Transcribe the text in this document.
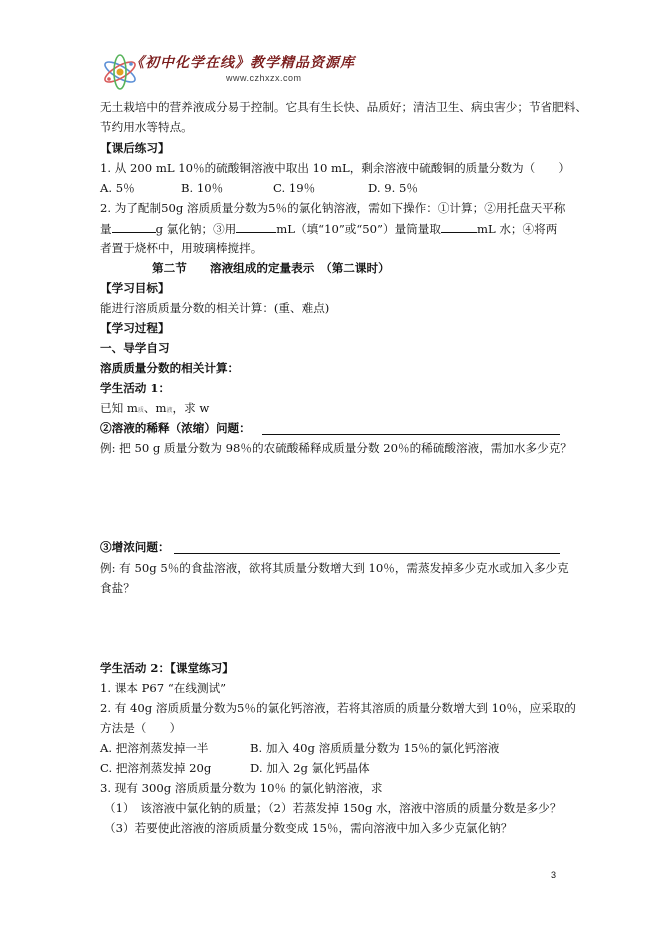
《初中化学在线》教学精品资源库
www.czhxzx.com
无土栽培中的营养液成分易于控制。它具有生长快、品质好；清洁卫生、病虫害少；节省肥料、
节约用水等特点。
【课后练习】
1. 从 200 mL 10％的硫酸铜溶液中取出 10 mL，剩余溶液中硫酸铜的质量分数为（　　）
A. 5％	B. 10％	C. 19％	D. 9. 5％
2. 为了配制50g 溶质质量分数为5％的氯化钠溶液，需如下操作：①计算；②用托盘天平称
量	g 氯化钠；③用	mL（填“10”或“50”）量筒量取	mL 水；④将两
者置于烧杯中，用玻璃棒搅拌。
第二节　　溶液组成的定量表示　（第二课时）
【学习目标】
能进行溶质质量分数的相关计算：(重、难点)
【学习过程】
一、导学自习
溶质质量分数的相关计算：
学生活动 1：
已知 m质、m液，求 w
②溶液的稀释（浓缩）问题：
例: 把 50 g 质量分数为 98％的农硫酸稀释成质量分数 20％的稀硫酸溶液，需加水多少克？
③增浓问题：
例: 有 50g 5％的食盐溶液，欲将其质量分数增大到 10％，需蒸发掉多少克水或加入多少克
食盐？
学生活动 2：【课堂练习】
1. 课本 P67 “在线测试”
2. 有 40g 溶质质量分数为5％的氯化钙溶液，若将其溶质的质量分数增大到 10％，应采取的
方法是（　　）
A. 把溶剂蒸发掉一半	B. 加入 40g 溶质质量分数为 15％的氯化钙溶液
C. 把溶剂蒸发掉 20g	D. 加入 2g 氯化钙晶体
3. 现有 300g 溶质质量分数为 10％ 的氯化钠溶液，求
（1）　该溶液中氯化钠的质量；（2）若蒸发掉 150g 水，溶液中溶质的质量分数是多少？
（3）若要使此溶液的溶质质量分数变成 15％，需向溶液中加入多少克氯化钠？
3
